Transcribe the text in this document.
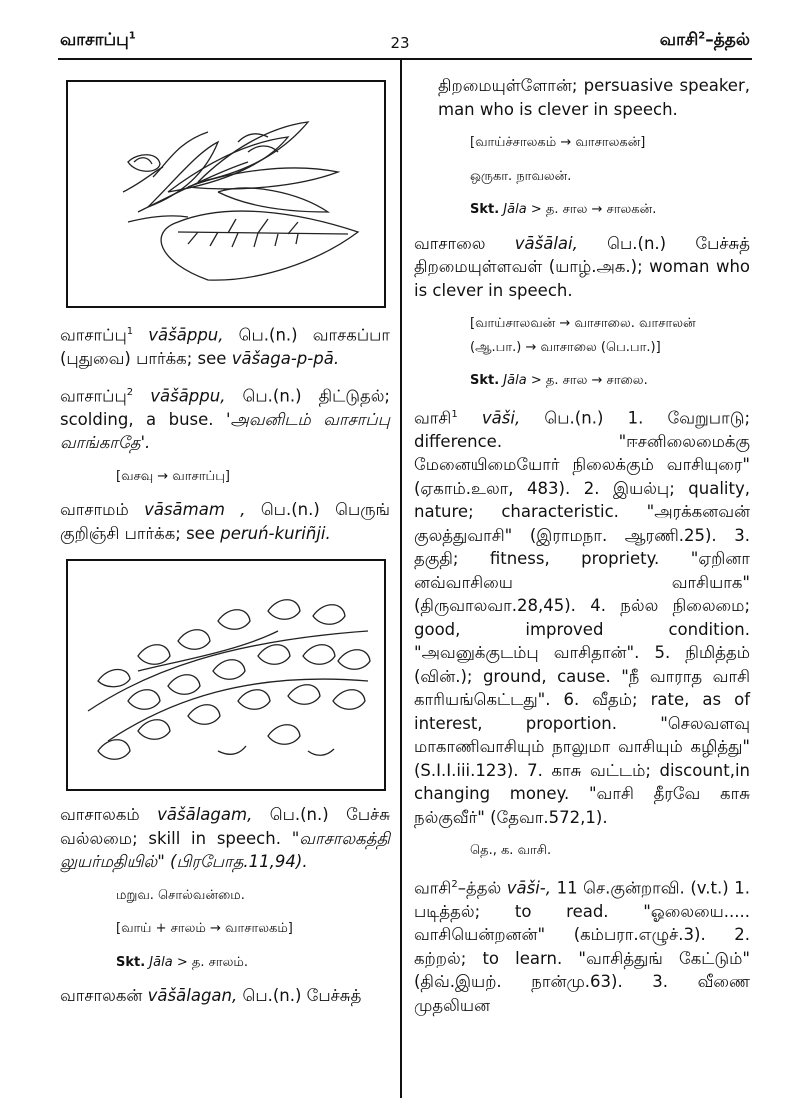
வாசாப்பு$^1$	23	வாசி$^2$–த்தல்
வாசாப்பு$^1$ vāšāppu, பெ.(n.) வாசகப்பா (புதுவை) பார்க்க; see vāšaga-p-pā.
வாசாப்பு$^2$ vāšāppu, பெ.(n.) திட்டுதல்; scolding, a buse. 'அவனிடம் வாசாப்பு வாங்காதே'.
[வசவு → வாசாப்பு]
வாசாமம் vāsāmam , பெ.(n.) பெருங் குறிஞ்சி பார்க்க; see peruń-kuriñji.
வாசாலகம் vāšālagam, பெ.(n.) பேச்சு வல்லமை; skill in speech. "வாசாலகத்தி லுயர்மதியில்" (பிரபோத.11,94).
மறுவ. சொல்வன்மை.
[வாய் + சாலம் → வாசாலகம்]
Skt. Jāla > த. சாலம்.
வாசாலகன் vāšālagan, பெ.(n.) பேச்சுத்
திறமையுள்ளோன்; persuasive speaker, man who is clever in speech.
[வாய்ச்சாலகம் → வாசாலகன்]
ஒருகா. நாவலன்.
Skt. Jāla > த. சால → சாலகன்.
வாசாலை vāšālai, பெ.(n.) பேச்சுத் திறமையுள்ளவள் (யாழ்.அக.); woman who is clever in speech.
[வாய்சாலவன் → வாசாலை. வாசாலன் (ஆ.பா.) → வாசாலை (பெ.பா.)]
Skt. Jāla > த. சால → சாலை.
வாசி$^1$ vāši, பெ.(n.) 1. வேறுபாடு; difference. "ஈசனிலைமைக்கு மேனையிமையோர் நிலைக்கும் வாசியுரை" (ஏகாம்.உலா, 483). 2. இயல்பு; quality, nature; characteristic. "அரக்கனவன் குலத்துவாசி" (இராமநா. ஆரணி.25). 3. தகுதி; fitness, propriety. "ஏறினா னவ்வாசியை வாசியாக" (திருவாலவா.28,45). 4. நல்ல நிலைமை; good, improved condition. "அவனுக்குடம்பு வாசிதான்". 5. நிமித்தம் (வின்.); ground, cause. "நீ வாராத வாசி காரியங்கெட்டது". 6. வீதம்; rate, as of interest, proportion. "செலவளவு மாகாணிவாசியும் நாலுமா வாசியும் கழித்து" (S.I.I.iii.123). 7. காசு வட்டம்; discount,in changing money. "வாசி தீரவே காசு நல்குவீர்" (தேவா.572,1).
தெ., க. வாசி.
வாசி$^2$–த்தல் vāši-, 11 செ.குன்றாவி. (v.t.) 1. படித்தல்; to read. "ஓலையை..... வாசியென்றனன்" (கம்பரா.எழுச்.3). 2. கற்றல்; to learn. "வாசித்துங் கேட்டும்" (திவ்.இயற். நான்மு.63). 3. வீணை முதலியன
